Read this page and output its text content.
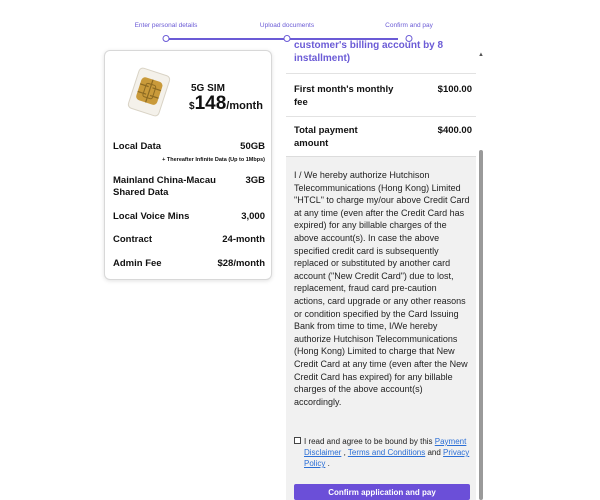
Enter personal details	Upload documents	Confirm and pay
5G SIM
$148/month
Local Data	50GB
+ Thereafter Infinite Data (Up to 1Mbps)
Mainland China-Macau Shared Data
3GB
Local Voice Mins	3,000
Contract	24-month
Admin Fee	$28/month
customer's billing account by 8 installment)
First month's monthly fee
$100.00
Total payment amount
$400.00
I / We hereby authorize Hutchison Telecommunications (Hong Kong) Limited "HTCL" to charge my/our above Credit Card at any time (even after the Credit Card has expired) for any billable charges of the above account(s). In case the above specified credit card is subsequently replaced or substituted by another card account ("New Credit Card") due to lost, replacement, fraud card pre-caution actions, card upgrade or any other reasons or condition specified by the Card Issuing Bank from time to time, I/We hereby authorize Hutchison Telecommunications (Hong Kong) Limited to charge that New Credit Card at any time (even after the New Credit Card has expired) for any billable charges of the above account(s) accordingly.
I read and agree to be bound by this Payment Disclaimer , Terms and Conditions and Privacy Policy .
Confirm application and pay
▲
